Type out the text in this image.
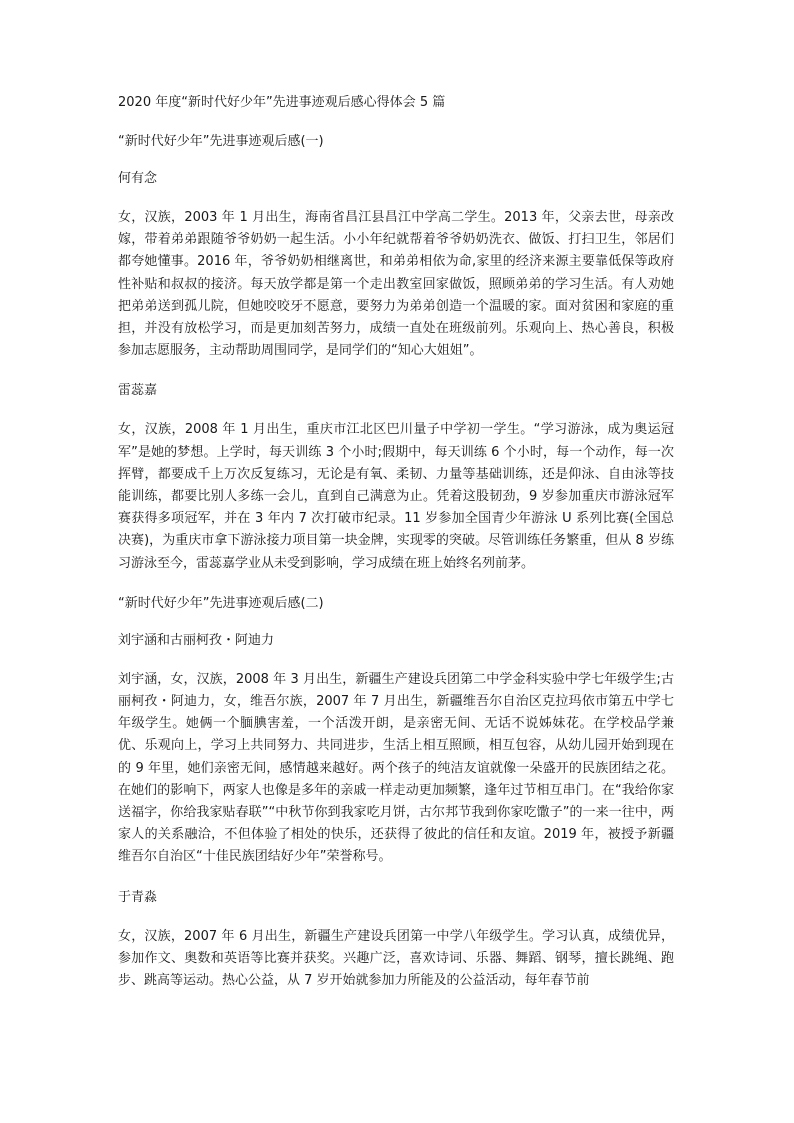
2020 年度“新时代好少年”先进事迹观后感心得体会 5 篇

“新时代好少年”先进事迹观后感(一)

何有念

女，汉族，2003 年 1 月出生，海南省昌江县昌江中学高二学生。2013 年，父亲去世，母亲改嫁，带着弟弟跟随爷爷奶奶一起生活。小小年纪就帮着爷爷奶奶洗衣、做饭、打扫卫生，邻居们都夸她懂事。2016 年，爷爷奶奶相继离世，和弟弟相依为命,家里的经济来源主要靠低保等政府性补贴和叔叔的接济。每天放学都是第一个走出教室回家做饭，照顾弟弟的学习生活。有人劝她把弟弟送到孤儿院，但她咬咬牙不愿意，要努力为弟弟创造一个温暖的家。面对贫困和家庭的重担，并没有放松学习，而是更加刻苦努力，成绩一直处在班级前列。乐观向上、热心善良，积极参加志愿服务，主动帮助周围同学，是同学们的“知心大姐姐”。

雷蕊嘉

女，汉族，2008 年 1 月出生，重庆市江北区巴川量子中学初一学生。“学习游泳，成为奥运冠军”是她的梦想。上学时，每天训练 3 个小时;假期中，每天训练 6 个小时，每一个动作，每一次挥臂，都要成千上万次反复练习，无论是有氧、柔韧、力量等基础训练，还是仰泳、自由泳等技能训练，都要比别人多练一会儿，直到自己满意为止。凭着这股韧劲，9 岁参加重庆市游泳冠军赛获得多项冠军，并在 3 年内 7 次打破市纪录。11 岁参加全国青少年游泳 U 系列比赛(全国总决赛)，为重庆市拿下游泳接力项目第一块金牌，实现零的突破。尽管训练任务繁重，但从 8 岁练习游泳至今，雷蕊嘉学业从未受到影响，学习成绩在班上始终名列前茅。

“新时代好少年”先进事迹观后感(二)

刘宇涵和古丽柯孜・阿迪力

刘宇涵，女，汉族，2008 年 3 月出生，新疆生产建设兵团第二中学金科实验中学七年级学生;古丽柯孜・阿迪力，女，维吾尔族，2007 年 7 月出生，新疆维吾尔自治区克拉玛依市第五中学七年级学生。她俩一个腼腆害羞，一个活泼开朗，是亲密无间、无话不说姊妹花。在学校品学兼优、乐观向上，学习上共同努力、共同进步，生活上相互照顾，相互包容，从幼儿园开始到现在的 9 年里，她们亲密无间，感情越来越好。两个孩子的纯洁友谊就像一朵盛开的民族团结之花。在她们的影响下，两家人也像是多年的亲戚一样走动更加频繁，逢年过节相互串门。在“我给你家送福字，你给我家贴春联”“中秋节你到我家吃月饼，古尔邦节我到你家吃馓子”的一来一往中，两家人的关系融洽，不但体验了相处的快乐，还获得了彼此的信任和友谊。2019 年，被授予新疆维吾尔自治区“十佳民族团结好少年”荣誉称号。

于青淼

女，汉族，2007 年 6 月出生，新疆生产建设兵团第一中学八年级学生。学习认真，成绩优异，参加作文、奥数和英语等比赛并获奖。兴趣广泛，喜欢诗词、乐器、舞蹈、钢琴，擅长跳绳、跑步、跳高等运动。热心公益，从 7 岁开始就参加力所能及的公益活动，每年春节前
